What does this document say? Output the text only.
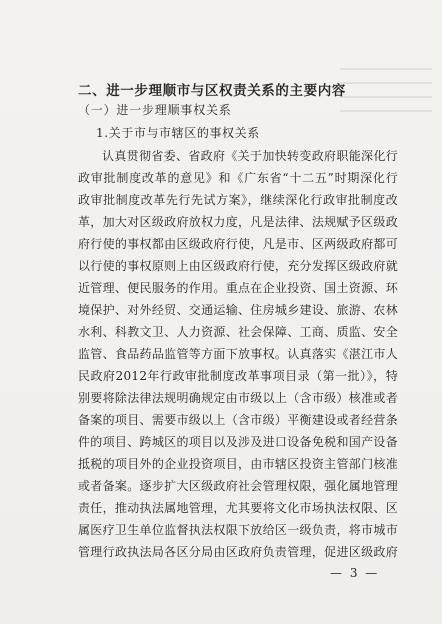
二、进一步理顺市与区权责关系的主要内容
（一）进一步理顺事权关系
1.关于市与市辖区的事权关系
认真贯彻省委、省政府《关于加快转变政府职能深化行
政审批制度改革的意见》和《广东省“十二五”时期深化行
政审批制度改革先行先试方案》，继续深化行政审批制度改
革，加大对区级政府放权力度，凡是法律、法规赋予区级政
府行使的事权都由区级政府行使，凡是市、区两级政府都可
以行使的事权原则上由区级政府行使，充分发挥区级政府就
近管理、便民服务的作用。重点在企业投资、国土资源、环
境保护、对外经贸、交通运输、住房城乡建设、旅游、农林
水利、科教文卫、人力资源、社会保障、工商、质监、安全
监管、食品药品监管等方面下放事权。认真落实《湛江市人
民政府2012年行政审批制度改革事项目录（第一批）》，特
别要将除法律法规明确规定由市级以上（含市级）核准或者
备案的项目、需要市级以上（含市级）平衡建设或者经营条
件的项目、跨城区的项目以及涉及进口设备免税和国产设备
抵税的项目外的企业投资项目，由市辖区投资主管部门核准
或者备案。逐步扩大区级政府社会管理权限，强化属地管理
责任，推动执法属地管理，尤其要将文化市场执法权限、区
属医疗卫生单位监督执法权限下放给区一级负责，将市城市
管理行政执法局各区分局由区政府负责管理，促进区级政府
— 3 —
